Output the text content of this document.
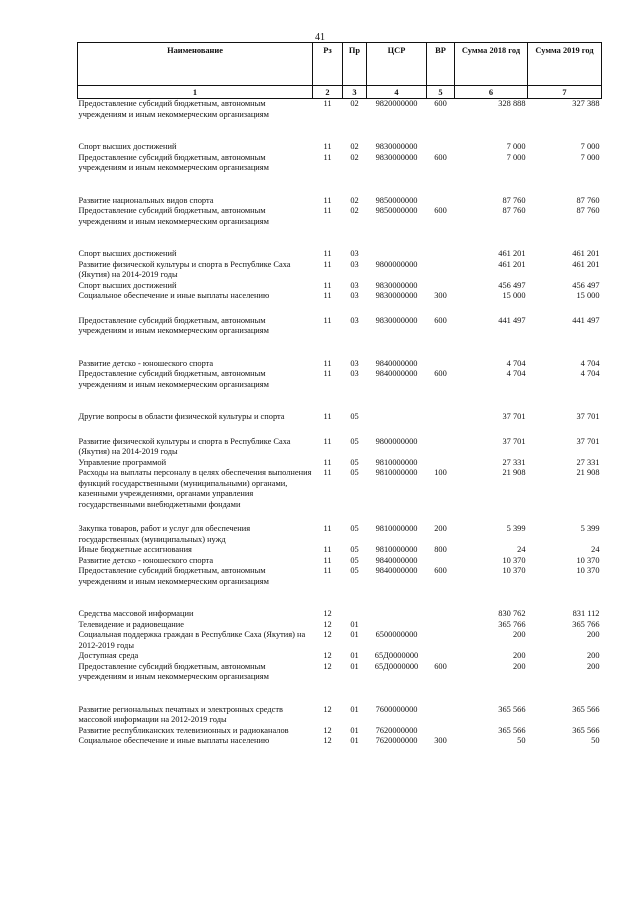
41
Наименование	Рз	Пр	ЦСР	ВР	Сумма 2018 год	Сумма 2019 год
1	2	3	4	5	6	7
Предоставление субсидий бюджетным, автономным учреждениям и иным некоммерческим организациям	11	02	9820000000	600	328 888	327 388

Спорт высших достижений	11	02	9830000000		7 000	7 000
Предоставление субсидий бюджетным, автономным учреждениям и иным некоммерческим организациям	11	02	9830000000	600	7 000	7 000

Развитие национальных видов спорта	11	02	9850000000		87 760	87 760
Предоставление субсидий бюджетным, автономным учреждениям и иным некоммерческим организациям	11	02	9850000000	600	87 760	87 760

Спорт высших достижений	11	03			461 201	461 201
Развитие физической культуры и спорта в Республике Саха (Якутия) на 2014-2019 годы	11	03	9800000000		461 201	461 201
Спорт высших достижений	11	03	9830000000		456 497	456 497
Социальное обеспечение и иные выплаты населению	11	03	9830000000	300	15 000	15 000

Предоставление субсидий бюджетным, автономным учреждениям и иным некоммерческим организациям	11	03	9830000000	600	441 497	441 497

Развитие детско - юношеского спорта	11	03	9840000000		4 704	4 704
Предоставление субсидий бюджетным, автономным учреждениям и иным некоммерческим организациям	11	03	9840000000	600	4 704	4 704

Другие вопросы в области физической культуры и спорта	11	05			37 701	37 701

Развитие физической культуры и спорта в Республике Саха (Якутия) на 2014-2019 годы	11	05	9800000000		37 701	37 701
Управление программой	11	05	9810000000		27 331	27 331
Расходы на выплаты персоналу в целях обеспечения выполнения функций государственными (муниципальными) органами, казенными учреждениями, органами управления государственными внебюджетными фондами	11	05	9810000000	100	21 908	21 908

Закупка товаров, работ и услуг для обеспечения государственных (муниципальных) нужд	11	05	9810000000	200	5 399	5 399
Иные бюджетные ассигнования	11	05	9810000000	800	24	24
Развитие детско - юношеского спорта	11	05	9840000000		10 370	10 370
Предоставление субсидий бюджетным, автономным учреждениям и иным некоммерческим организациям	11	05	9840000000	600	10 370	10 370

Средства массовой информации	12				830 762	831 112
Телевидение и радиовещание	12	01			365 766	365 766
Социальная поддержка граждан в Республике Саха (Якутия) на 2012-2019 годы	12	01	6500000000		200	200
Доступная среда	12	01	65Д0000000		200	200
Предоставление субсидий бюджетным, автономным учреждениям и иным некоммерческим организациям	12	01	65Д0000000	600	200	200

Развитие региональных печатных и электронных средств массовой информации на 2012-2019 годы	12	01	7600000000		365 566	365 566
Развитие республиканских телевизионных и радиоканалов	12	01	7620000000		365 566	365 566
Социальное обеспечение и иные выплаты населению	12	01	7620000000	300	50	50
